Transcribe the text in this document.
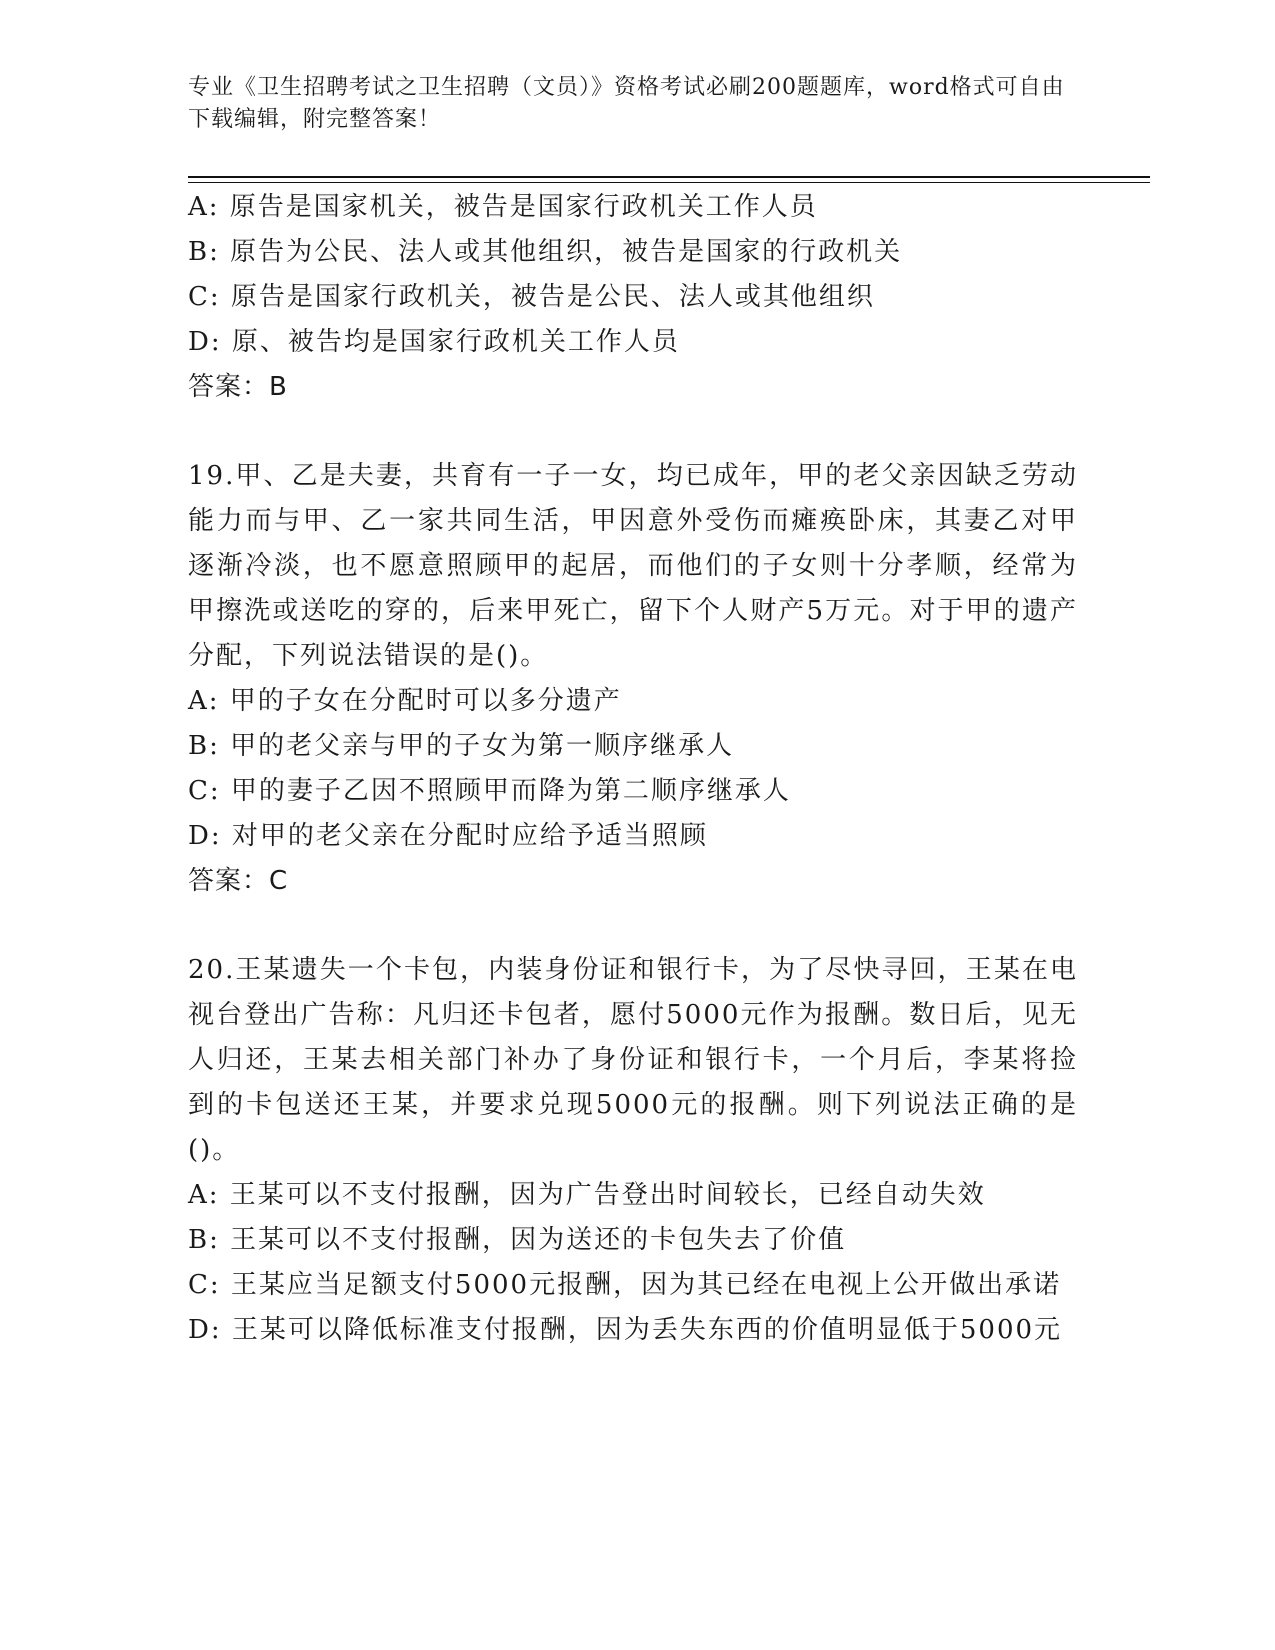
专业《卫生招聘考试之卫生招聘（文员）》资格考试必刷200题题库，word格式可自由下载编辑，附完整答案！
A: 原告是国家机关，被告是国家行政机关工作人员
B: 原告为公民、法人或其他组织，被告是国家的行政机关
C: 原告是国家行政机关，被告是公民、法人或其他组织
D: 原、被告均是国家行政机关工作人员
答案：B
19.甲、乙是夫妻，共育有一子一女，均已成年，甲的老父亲因缺乏劳动能力而与甲、乙一家共同生活，甲因意外受伤而瘫痪卧床，其妻乙对甲逐渐冷淡，也不愿意照顾甲的起居，而他们的子女则十分孝顺，经常为甲擦洗或送吃的穿的，后来甲死亡，留下个人财产5万元。对于甲的遗产分配，下列说法错误的是()。
A: 甲的子女在分配时可以多分遗产
B: 甲的老父亲与甲的子女为第一顺序继承人
C: 甲的妻子乙因不照顾甲而降为第二顺序继承人
D: 对甲的老父亲在分配时应给予适当照顾
答案：C
20.王某遗失一个卡包，内装身份证和银行卡，为了尽快寻回，王某在电视台登出广告称：凡归还卡包者，愿付5000元作为报酬。数日后，见无人归还，王某去相关部门补办了身份证和银行卡，一个月后，李某将捡到的卡包送还王某，并要求兑现5000元的报酬。则下列说法正确的是()。
A: 王某可以不支付报酬，因为广告登出时间较长，已经自动失效
B: 王某可以不支付报酬，因为送还的卡包失去了价值
C: 王某应当足额支付5000元报酬，因为其已经在电视上公开做出承诺
D: 王某可以降低标准支付报酬，因为丢失东西的价值明显低于5000元
